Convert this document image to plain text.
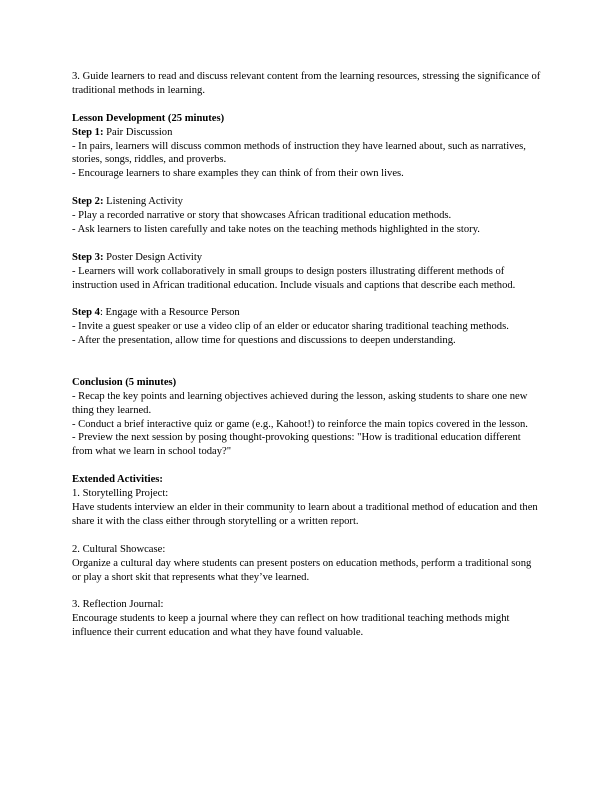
3. Guide learners to read and discuss relevant content from the learning resources, stressing the significance of traditional methods in learning.

Lesson Development (25 minutes)

Step 1: Pair Discussion

- In pairs, learners will discuss common methods of instruction they have learned about, such as narratives, stories, songs, riddles, and proverbs.

- Encourage learners to share examples they can think of from their own lives.

Step 2: Listening Activity

- Play a recorded narrative or story that showcases African traditional education methods.

- Ask learners to listen carefully and take notes on the teaching methods highlighted in the story.

Step 3: Poster Design Activity

- Learners will work collaboratively in small groups to design posters illustrating different methods of instruction used in African traditional education. Include visuals and captions that describe each method.

Step 4: Engage with a Resource Person

- Invite a guest speaker or use a video clip of an elder or educator sharing traditional teaching methods.

- After the presentation, allow time for questions and discussions to deepen understanding.

Conclusion (5 minutes)

- Recap the key points and learning objectives achieved during the lesson, asking students to share one new thing they learned.

- Conduct a brief interactive quiz or game (e.g., Kahoot!) to reinforce the main topics covered in the lesson.

- Preview the next session by posing thought-provoking questions: "How is traditional education different from what we learn in school today?"

Extended Activities:

1. Storytelling Project:

Have students interview an elder in their community to learn about a traditional method of education and then share it with the class either through storytelling or a written report.

2. Cultural Showcase:

Organize a cultural day where students can present posters on education methods, perform a traditional song or play a short skit that represents what they’ve learned.

3. Reflection Journal:

Encourage students to keep a journal where they can reflect on how traditional teaching methods might influence their current education and what they have found valuable.
